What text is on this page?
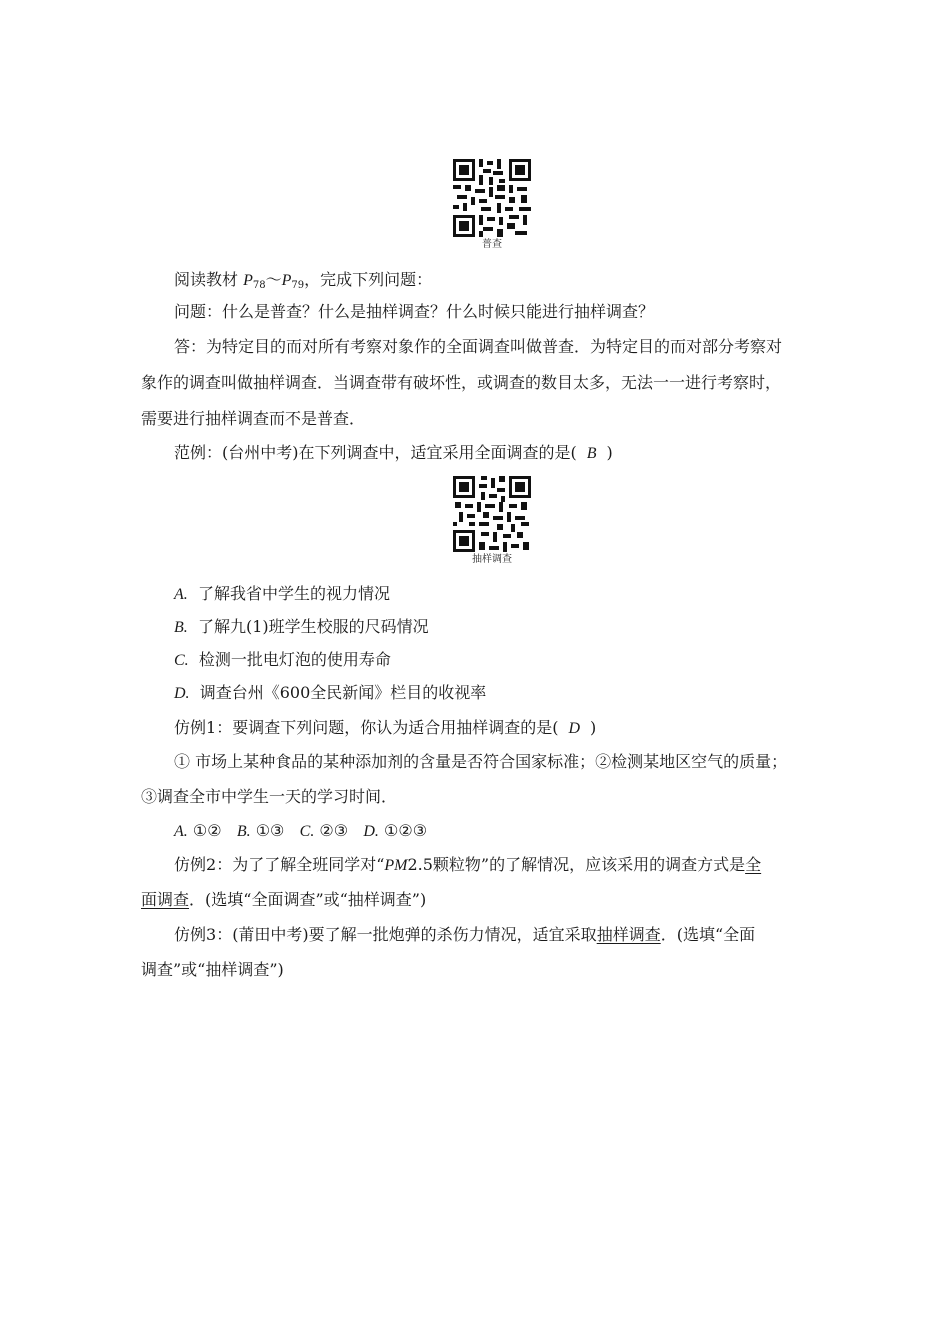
普查
阅读教材 $P_{78}\sim P_{79}$，完成下列问题：
问题：什么是普查？什么是抽样调查？什么时候只能进行抽样调查？
答：为特定目的而对所有考察对象作的全面调查叫做普查．为特定目的而对部分考察对
象作的调查叫做抽样调查．当调查带有破坏性，或调查的数目太多，无法一一进行考察时，
需要进行抽样调查而不是普查．
范例：(台州中考)在下列调查中，适宜采用全面调查的是( B )
抽样调查
A. 了解我省中学生的视力情况
B. 了解九(1)班学生校服的尺码情况
C. 检测一批电灯泡的使用寿命
D. 调查台州《600全民新闻》栏目的收视率
仿例1：要调查下列问题，你认为适合用抽样调查的是( D )
① 市场上某种食品的某种添加剂的含量是否符合国家标准；②检测某地区空气的质量；
③调查全市中学生一天的学习时间．
A. ①② B. ①③ C. ②③ D. ①②③
仿例2：为了了解全班同学对“PM2.5颗粒物”的了解情况，应该采用的调查方式是全
面调查．(选填“全面调查”或“抽样调查”)
仿例3：(莆田中考)要了解一批炮弹的杀伤力情况，适宜采取抽样调查．(选填“全面
调查”或“抽样调查”)
